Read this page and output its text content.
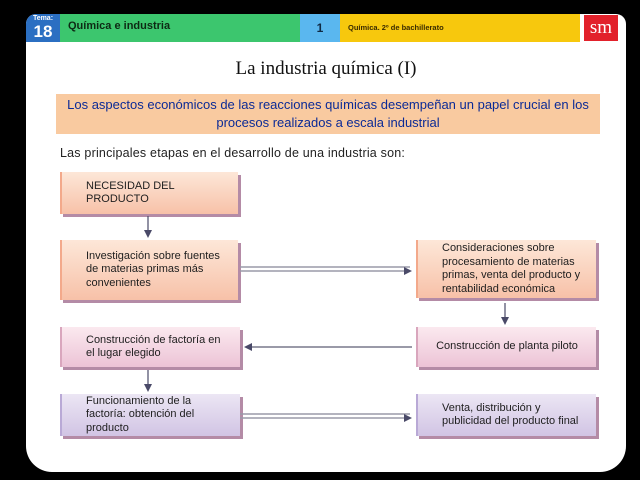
Tema:
18	Química e industria	1	Química. 2º de bachillerato	sm
La industria química (I)
Los aspectos económicos de las reacciones químicas desempeñan un papel crucial en los procesos realizados a escala industrial
Las principales etapas en el desarrollo de una industria son:
NECESIDAD DEL PRODUCTO
Investigación sobre fuentes de materias primas más convenientes
Consideraciones sobre procesamiento de materias primas, venta del producto y rentabilidad económica
Construcción de planta piloto
Construcción de factoría en el lugar elegido
Funcionamiento de la factoría: obtención del producto
Venta, distribución y publicidad del producto final
